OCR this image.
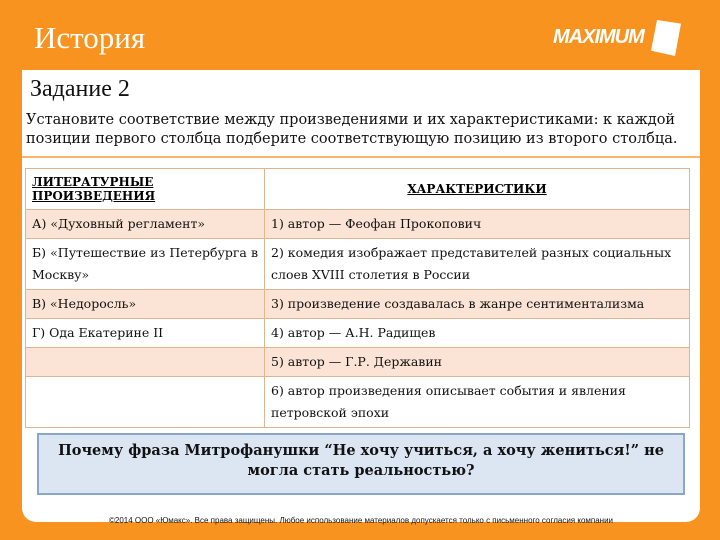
История	MAXIMUM
Задание 2
Установите соответствие между произведениями и их характеристиками: к каждой позиции первого столбца подберите соответствующую позицию из второго столбца.
ЛИТЕРАТУРНЫЕ ПРОИЗВЕДЕНИЯ	ХАРАКТЕРИСТИКИ
А) «Духовный регламент»	1) автор — Феофан Прокопович
Б) «Путешествие из Петербурга в Москву»	2) комедия изображает представителей разных социальных слоев XVIII столетия в России
В) «Недоросль»	3) произведение создавалась в жанре сентиментализма
Г) Ода Екатерине II	4) автор — А.Н. Радищев
	5) автор — Г.Р. Державин
	6) автор произведения описывает события и явления петровской эпохи
Почему фраза Митрофанушки “Не хочу учиться, а хочу жениться!” не могла стать реальностью?
©2014 ООО «Юмакс». Все права защищены. Любое использование материалов допускается только с письменного согласия компании
